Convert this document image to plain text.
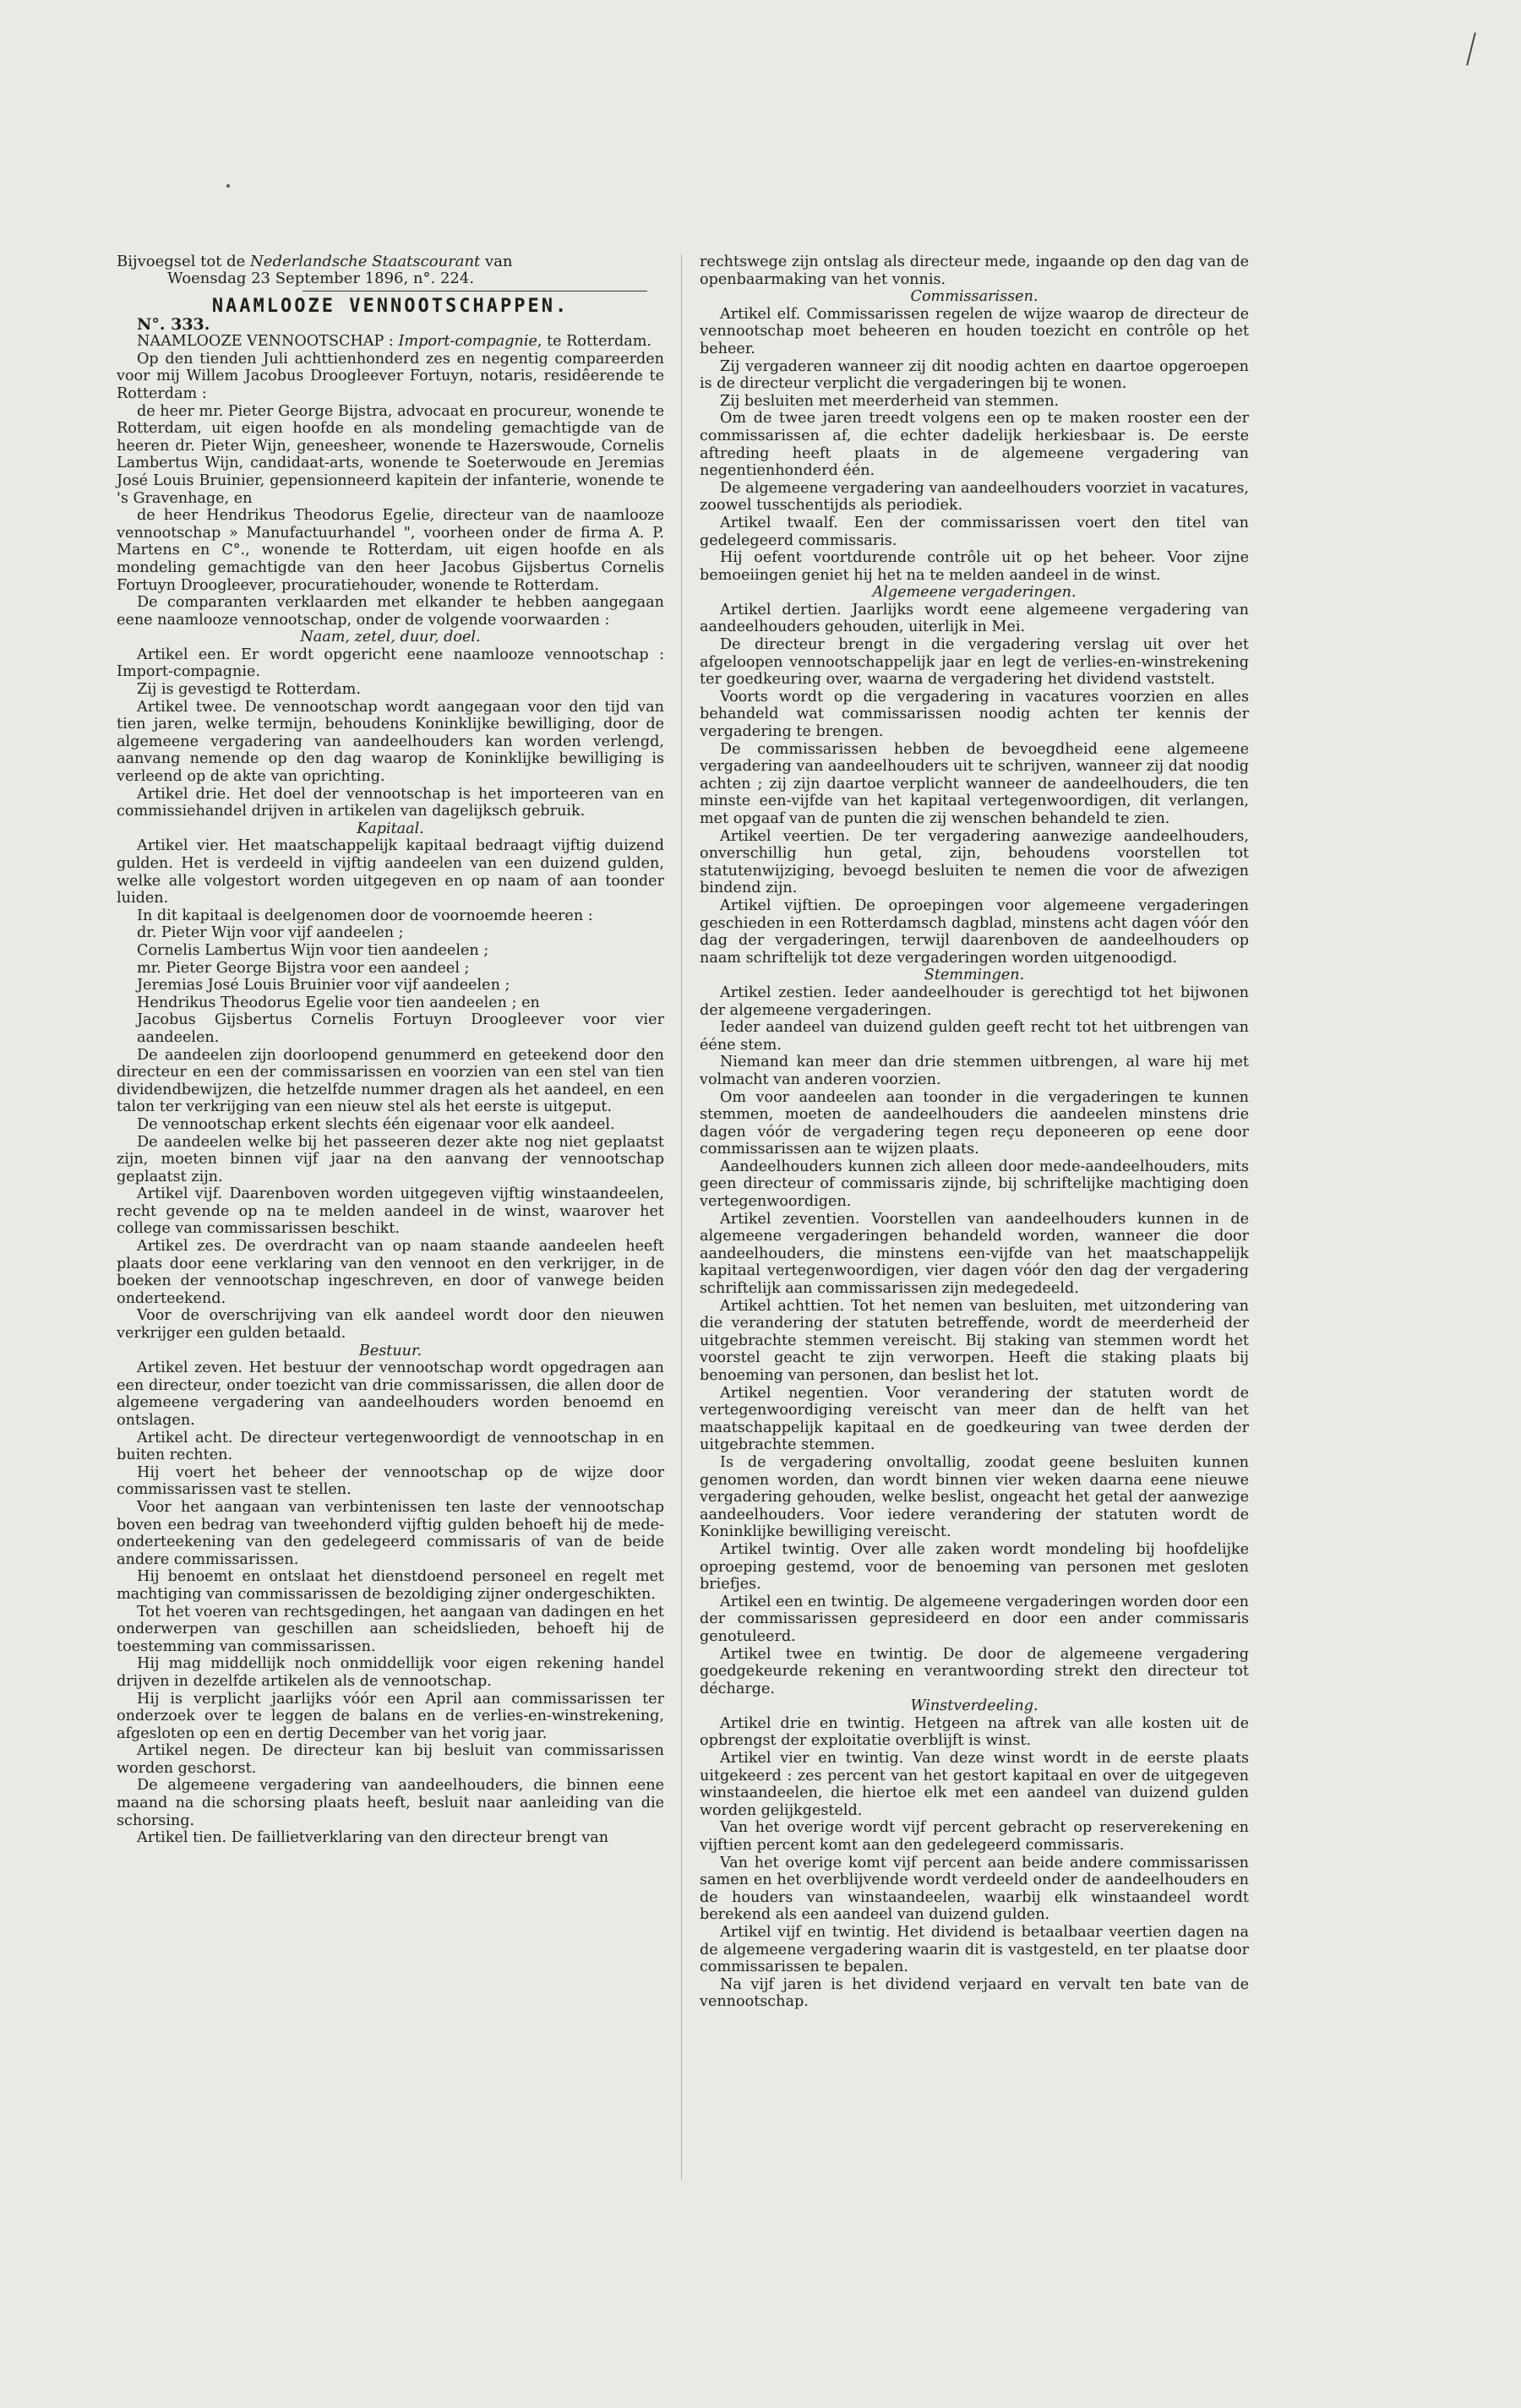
Bijvoegsel tot de Nederlandsche Staatscourant van
Woensdag 23 September 1896, n°. 224.

NAAMLOOZE VENNOOTSCHAPPEN.

N°. 333.

NAAMLOOZE VENNOOTSCHAP : Import-compagnie, te Rotterdam.

Op den tienden Juli achttienhonderd zes en negentig compareerden voor mij Willem Jacobus Droogleever Fortuyn, notaris, residêerende te Rotterdam :

de heer mr. Pieter George Bijstra, advocaat en procureur, wonende te Rotterdam, uit eigen hoofde en als mondeling gemachtigde van de heeren dr. Pieter Wijn, geneesheer, wonende te Hazerswoude, Cornelis Lambertus Wijn, candidaat-arts, wonende te Soeterwoude en Jeremias José Louis Bruinier, gepensionneerd kapitein der infanterie, wonende te 's Gravenhage, en

de heer Hendrikus Theodorus Egelie, directeur van de naamlooze vennootschap » Manufactuurhandel ", voorheen onder de firma A. P. Martens en C°., wonende te Rotterdam, uit eigen hoofde en als mondeling gemachtigde van den heer Jacobus Gijsbertus Cornelis Fortuyn Droogleever, procuratiehouder, wonende te Rotterdam.

De comparanten verklaarden met elkander te hebben aangegaan eene naamlooze vennootschap, onder de volgende voorwaarden :

Naam, zetel, duur, doel.

Artikel een. Er wordt opgericht eene naamlooze vennootschap : Import-compagnie.

Zij is gevestigd te Rotterdam.

Artikel twee. De vennootschap wordt aangegaan voor den tijd van tien jaren, welke termijn, behoudens Koninklijke bewilliging, door de algemeene vergadering van aandeelhouders kan worden verlengd, aanvang nemende op den dag waarop de Koninklijke bewilliging is verleend op de akte van oprichting.

Artikel drie. Het doel der vennootschap is het importeeren van en commissiehandel drijven in artikelen van dagelijksch gebruik.

Kapitaal.

Artikel vier. Het maatschappelijk kapitaal bedraagt vijftig duizend gulden. Het is verdeeld in vijftig aandeelen van een duizend gulden, welke alle volgestort worden uitgegeven en op naam of aan toonder luiden.

In dit kapitaal is deelgenomen door de voornoemde heeren :

dr. Pieter Wijn voor vijf aandeelen ;

Cornelis Lambertus Wijn voor tien aandeelen ;

mr. Pieter George Bijstra voor een aandeel ;

Jeremias José Louis Bruinier voor vijf aandeelen ;

Hendrikus Theodorus Egelie voor tien aandeelen ; en

Jacobus Gijsbertus Cornelis Fortuyn Droogleever voor vier aandeelen.

De aandeelen zijn doorloopend genummerd en geteekend door den directeur en een der commissarissen en voorzien van een stel van tien dividendbewijzen, die hetzelfde nummer dragen als het aandeel, en een talon ter verkrijging van een nieuw stel als het eerste is uitgeput.

De vennootschap erkent slechts één eigenaar voor elk aandeel.

De aandeelen welke bij het passeeren dezer akte nog niet geplaatst zijn, moeten binnen vijf jaar na den aanvang der vennootschap geplaatst zijn.

Artikel vijf. Daarenboven worden uitgegeven vijftig winstaandeelen, recht gevende op na te melden aandeel in de winst, waarover het college van commissarissen beschikt.

Artikel zes. De overdracht van op naam staande aandeelen heeft plaats door eene verklaring van den vennoot en den verkrijger, in de boeken der vennootschap ingeschreven, en door of vanwege beiden onderteekend.

Voor de overschrijving van elk aandeel wordt door den nieuwen verkrijger een gulden betaald.

Bestuur.

Artikel zeven. Het bestuur der vennootschap wordt opgedragen aan een directeur, onder toezicht van drie commissarissen, die allen door de algemeene vergadering van aandeelhouders worden benoemd en ontslagen.

Artikel acht. De directeur vertegenwoordigt de vennootschap in en buiten rechten.

Hij voert het beheer der vennootschap op de wijze door commissarissen vast te stellen.

Voor het aangaan van verbintenissen ten laste der vennootschap boven een bedrag van tweehonderd vijftig gulden behoeft hij de mede-onderteekening van den gedelegeerd commissaris of van de beide andere commissarissen.

Hij benoemt en ontslaat het dienstdoend personeel en regelt met machtiging van commissarissen de bezoldiging zijner ondergeschikten.

Tot het voeren van rechtsgedingen, het aangaan van dadingen en het onderwerpen van geschillen aan scheidslieden, behoeft hij de toestemming van commissarissen.

Hij mag middellijk noch onmiddellijk voor eigen rekening handel drijven in dezelfde artikelen als de vennootschap.

Hij is verplicht jaarlijks vóór een April aan commissarissen ter onderzoek over te leggen de balans en de verlies-en-winstrekening, afgesloten op een en dertig December van het vorig jaar.

Artikel negen. De directeur kan bij besluit van commissarissen worden geschorst.

De algemeene vergadering van aandeelhouders, die binnen eene maand na die schorsing plaats heeft, besluit naar aanleiding van die schorsing.

Artikel tien. De faillietverklaring van den directeur brengt van

rechtswege zijn ontslag als directeur mede, ingaande op den dag van de openbaarmaking van het vonnis.

Commissarissen.

Artikel elf. Commissarissen regelen de wijze waarop de directeur de vennootschap moet beheeren en houden toezicht en contrôle op het beheer.

Zij vergaderen wanneer zij dit noodig achten en daartoe opgeroepen is de directeur verplicht die vergaderingen bij te wonen.

Zij besluiten met meerderheid van stemmen.

Om de twee jaren treedt volgens een op te maken rooster een der commissarissen af, die echter dadelijk herkiesbaar is. De eerste aftreding heeft plaats in de algemeene vergadering van negentienhonderd één.

De algemeene vergadering van aandeelhouders voorziet in vacatures, zoowel tusschentijds als periodiek.

Artikel twaalf. Een der commissarissen voert den titel van gedelegeerd commissaris.

Hij oefent voortdurende contrôle uit op het beheer. Voor zijne bemoeiingen geniet hij het na te melden aandeel in de winst.

Algemeene vergaderingen.

Artikel dertien. Jaarlijks wordt eene algemeene vergadering van aandeelhouders gehouden, uiterlijk in Mei.

De directeur brengt in die vergadering verslag uit over het afgeloopen vennootschappelijk jaar en legt de verlies-en-winstrekening ter goedkeuring over, waarna de vergadering het dividend vaststelt.

Voorts wordt op die vergadering in vacatures voorzien en alles behandeld wat commissarissen noodig achten ter kennis der vergadering te brengen.

De commissarissen hebben de bevoegdheid eene algemeene vergadering van aandeelhouders uit te schrijven, wanneer zij dat noodig achten ; zij zijn daartoe verplicht wanneer de aandeelhouders, die ten minste een-vijfde van het kapitaal vertegenwoordigen, dit verlangen, met opgaaf van de punten die zij wenschen behandeld te zien.

Artikel veertien. De ter vergadering aanwezige aandeelhouders, onverschillig hun getal, zijn, behoudens voorstellen tot statutenwijziging, bevoegd besluiten te nemen die voor de afwezigen bindend zijn.

Artikel vijftien. De oproepingen voor algemeene vergaderingen geschieden in een Rotterdamsch dagblad, minstens acht dagen vóór den dag der vergaderingen, terwijl daarenboven de aandeelhouders op naam schriftelijk tot deze vergaderingen worden uitgenoodigd.

Stemmingen.

Artikel zestien. Ieder aandeelhouder is gerechtigd tot het bijwonen der algemeene vergaderingen.

Ieder aandeel van duizend gulden geeft recht tot het uitbrengen van ééne stem.

Niemand kan meer dan drie stemmen uitbrengen, al ware hij met volmacht van anderen voorzien.

Om voor aandeelen aan toonder in die vergaderingen te kunnen stemmen, moeten de aandeelhouders die aandeelen minstens drie dagen vóór de vergadering tegen reçu deponeeren op eene door commissarissen aan te wijzen plaats.

Aandeelhouders kunnen zich alleen door mede-aandeelhouders, mits geen directeur of commissaris zijnde, bij schriftelijke machtiging doen vertegenwoordigen.

Artikel zeventien. Voorstellen van aandeelhouders kunnen in de algemeene vergaderingen behandeld worden, wanneer die door aandeelhouders, die minstens een-vijfde van het maatschappelijk kapitaal vertegenwoordigen, vier dagen vóór den dag der vergadering schriftelijk aan commissarissen zijn medegedeeld.

Artikel achttien. Tot het nemen van besluiten, met uitzondering van die verandering der statuten betreffende, wordt de meerderheid der uitgebrachte stemmen vereischt. Bij staking van stemmen wordt het voorstel geacht te zijn verworpen. Heeft die staking plaats bij benoeming van personen, dan beslist het lot.

Artikel negentien. Voor verandering der statuten wordt de vertegenwoordiging vereischt van meer dan de helft van het maatschappelijk kapitaal en de goedkeuring van twee derden der uitgebrachte stemmen.

Is de vergadering onvoltallig, zoodat geene besluiten kunnen genomen worden, dan wordt binnen vier weken daarna eene nieuwe vergadering gehouden, welke beslist, ongeacht het getal der aanwezige aandeelhouders. Voor iedere verandering der statuten wordt de Koninklijke bewilliging vereischt.

Artikel twintig. Over alle zaken wordt mondeling bij hoofdelijke oproeping gestemd, voor de benoeming van personen met gesloten briefjes.

Artikel een en twintig. De algemeene vergaderingen worden door een der commissarissen gepresideerd en door een ander commissaris genotuleerd.

Artikel twee en twintig. De door de algemeene vergadering goedgekeurde rekening en verantwoording strekt den directeur tot décharge.

Winstverdeeling.

Artikel drie en twintig. Hetgeen na aftrek van alle kosten uit de opbrengst der exploitatie overblijft is winst.

Artikel vier en twintig. Van deze winst wordt in de eerste plaats uitgekeerd : zes percent van het gestort kapitaal en over de uitgegeven winstaandeelen, die hiertoe elk met een aandeel van duizend gulden worden gelijkgesteld.

Van het overige wordt vijf percent gebracht op reserverekening en vijftien percent komt aan den gedelegeerd commissaris.

Van het overige komt vijf percent aan beide andere commissarissen samen en het overblijvende wordt verdeeld onder de aandeelhouders en de houders van winstaandeelen, waarbij elk winstaandeel wordt berekend als een aandeel van duizend gulden.

Artikel vijf en twintig. Het dividend is betaalbaar veertien dagen na de algemeene vergadering waarin dit is vastgesteld, en ter plaatse door commissarissen te bepalen.

Na vijf jaren is het dividend verjaard en vervalt ten bate van de vennootschap.
